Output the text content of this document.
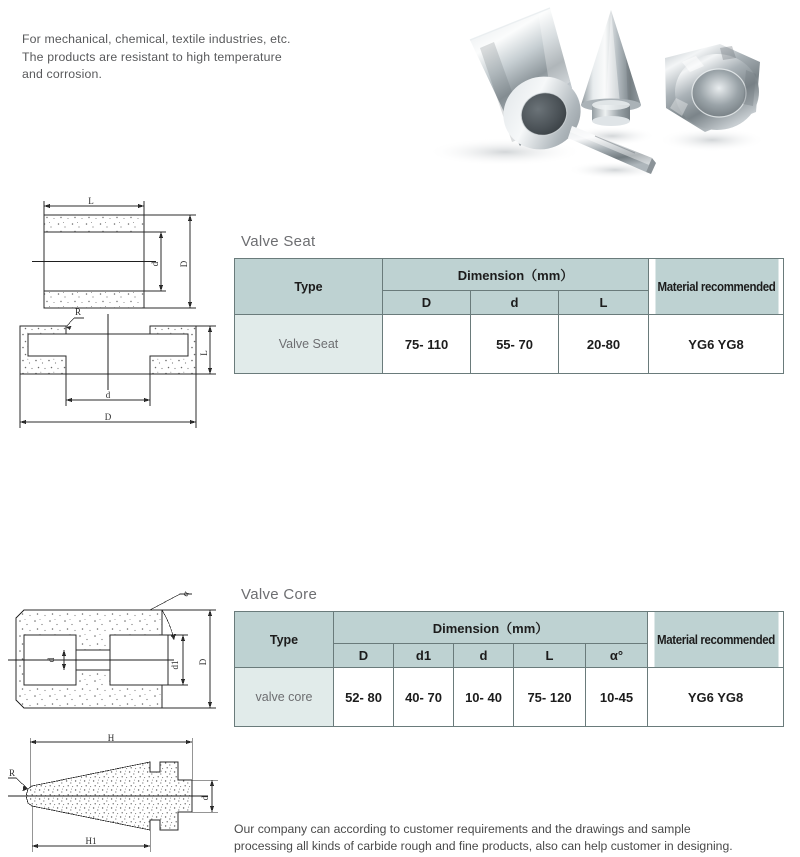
For mechanical, chemical, textile industries, etc.
The products are resistant to high temperature
and corrosion.
L
d D
R
d
D
L
d
d1 D
α
R
H
H1
d
Valve Seat
Type	Dimension（mm）			Material recommended
	D	d	L	
Valve Seat	75- 110	55- 70	20-80	YG6 YG8
Valve Core
Type	Dimension（mm）					Material recommended
	D	d1	d	L	α°	
valve core	52- 80	40- 70	10- 40	75- 120	10-45	YG6 YG8
Our company can according to customer requirements and the drawings and sample
processing all kinds of carbide rough and fine products, also can help customer in designing.
